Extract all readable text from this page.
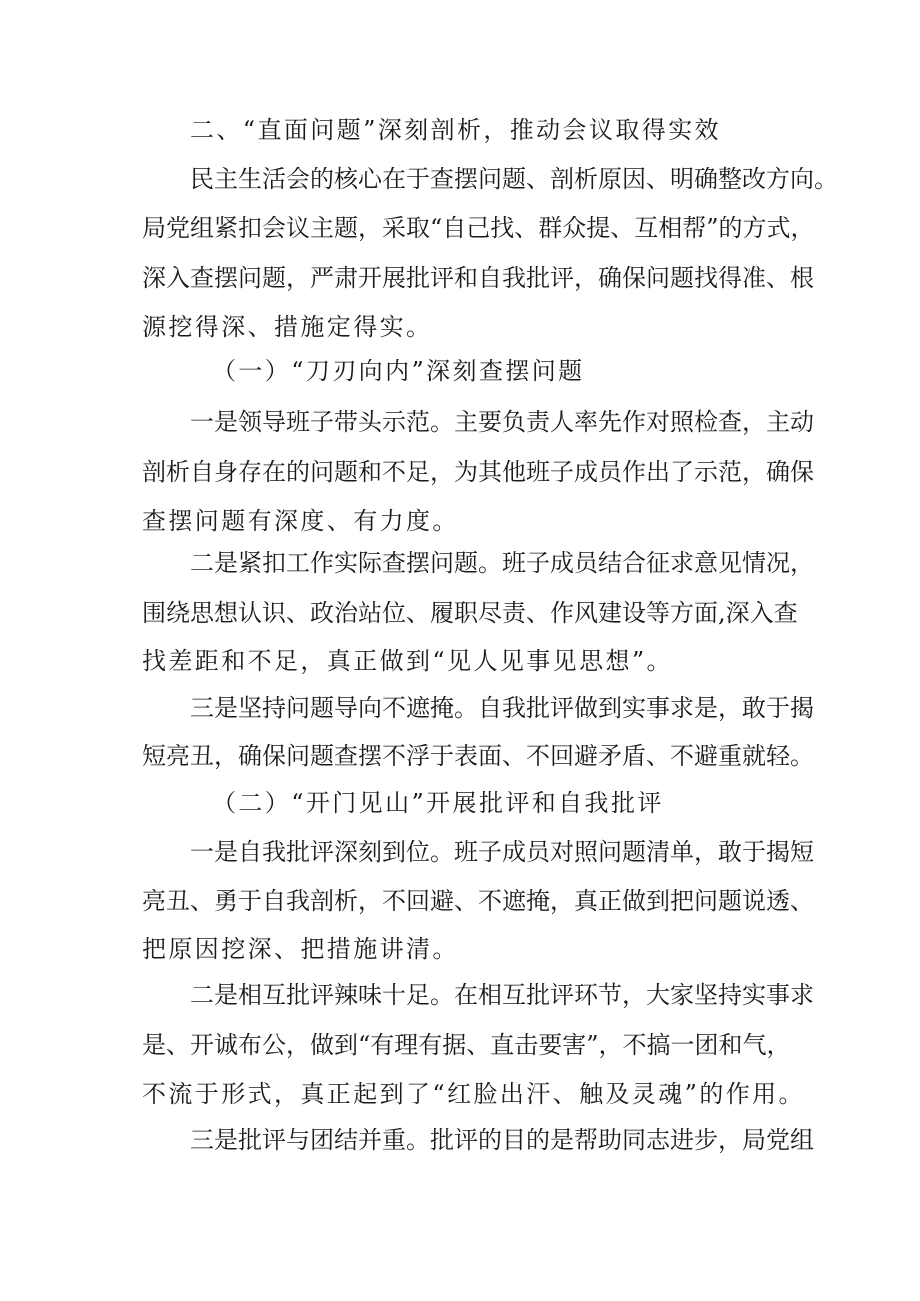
二、“直面问题”深刻剖析，推动会议取得实效
民主生活会的核心在于查摆问题、剖析原因、明确整改方向。
局党组紧扣会议主题，采取“自己找、群众提、互相帮”的方式，
深入查摆问题，严肃开展批评和自我批评，确保问题找得准、根
源挖得深、措施定得实。
（一）“刀刃向内”深刻查摆问题
一是领导班子带头示范。主要负责人率先作对照检查，主动
剖析自身存在的问题和不足，为其他班子成员作出了示范，确保
查摆问题有深度、有力度。
二是紧扣工作实际查摆问题。班子成员结合征求意见情况，
围绕思想认识、政治站位、履职尽责、作风建设等方面,深入查
找差距和不足，真正做到“见人见事见思想”。
三是坚持问题导向不遮掩。自我批评做到实事求是，敢于揭
短亮丑，确保问题查摆不浮于表面、不回避矛盾、不避重就轻。
（二）“开门见山”开展批评和自我批评
一是自我批评深刻到位。班子成员对照问题清单，敢于揭短
亮丑、勇于自我剖析，不回避、不遮掩，真正做到把问题说透、
把原因挖深、把措施讲清。
二是相互批评辣味十足。在相互批评环节，大家坚持实事求
是、开诚布公，做到“有理有据、直击要害”，不搞一团和气，
不流于形式，真正起到了“红脸出汗、触及灵魂”的作用。
三是批评与团结并重。批评的目的是帮助同志进步，局党组
